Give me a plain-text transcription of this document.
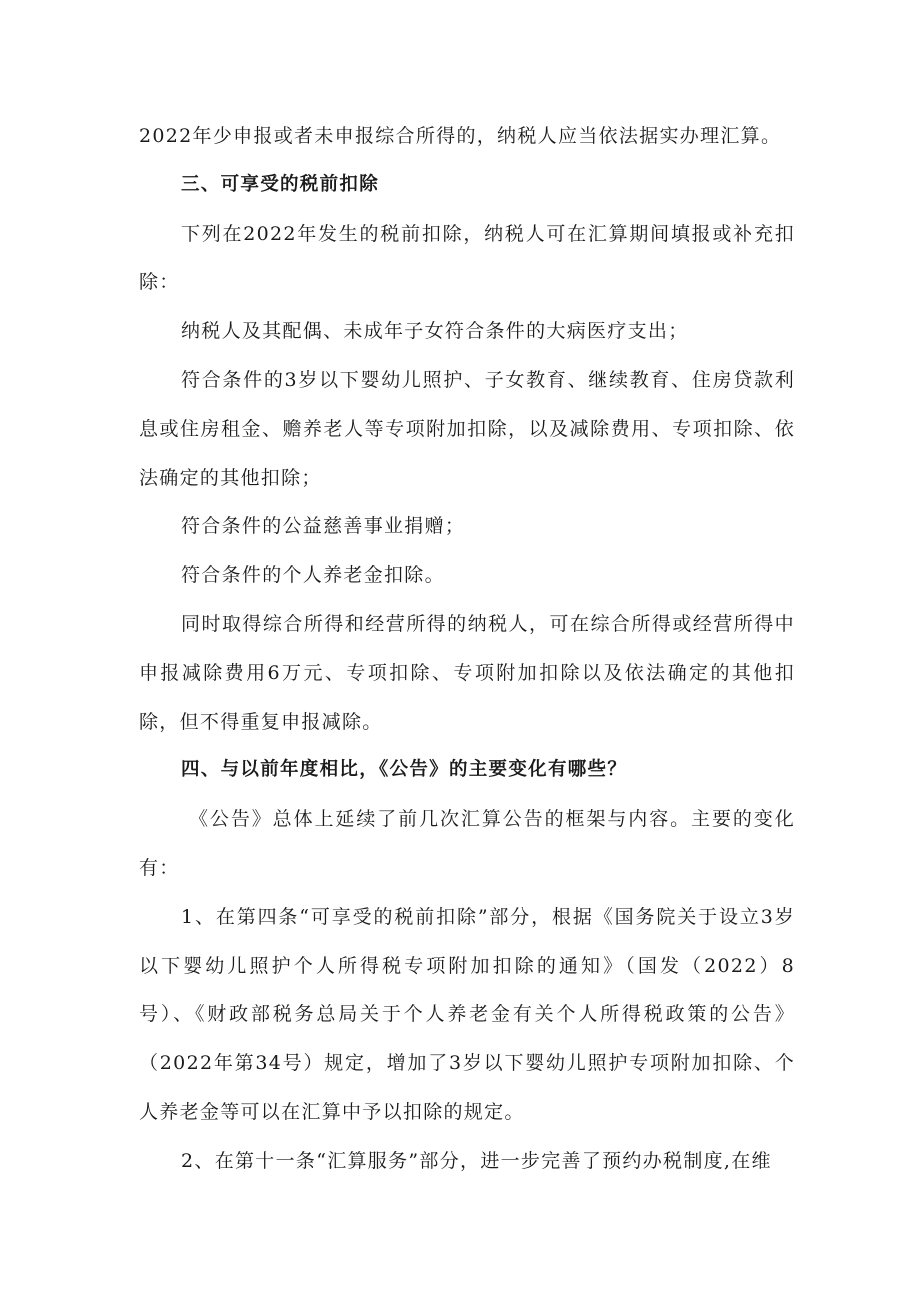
2022年少申报或者未申报综合所得的，纳税人应当依法据实办理汇算。

三、可享受的税前扣除

下列在2022年发生的税前扣除，纳税人可在汇算期间填报或补充扣除：

纳税人及其配偶、未成年子女符合条件的大病医疗支出；

符合条件的3岁以下婴幼儿照护、子女教育、继续教育、住房贷款利息或住房租金、赡养老人等专项附加扣除，以及减除费用、专项扣除、依法确定的其他扣除；

符合条件的公益慈善事业捐赠；

符合条件的个人养老金扣除。

同时取得综合所得和经营所得的纳税人，可在综合所得或经营所得中申报减除费用6万元、专项扣除、专项附加扣除以及依法确定的其他扣除，但不得重复申报减除。

四、与以前年度相比，《公告》的主要变化有哪些？

《公告》总体上延续了前几次汇算公告的框架与内容。主要的变化有：

1、在第四条“可享受的税前扣除”部分，根据《国务院关于设立3岁以下婴幼儿照护个人所得税专项附加扣除的通知》（国发（2022）8号）、《财政部税务总局关于个人养老金有关个人所得税政策的公告》（2022年第34号）规定，增加了3岁以下婴幼儿照护专项附加扣除、个人养老金等可以在汇算中予以扣除的规定。

2、在第十一条“汇算服务”部分，进一步完善了预约办税制度,在维
